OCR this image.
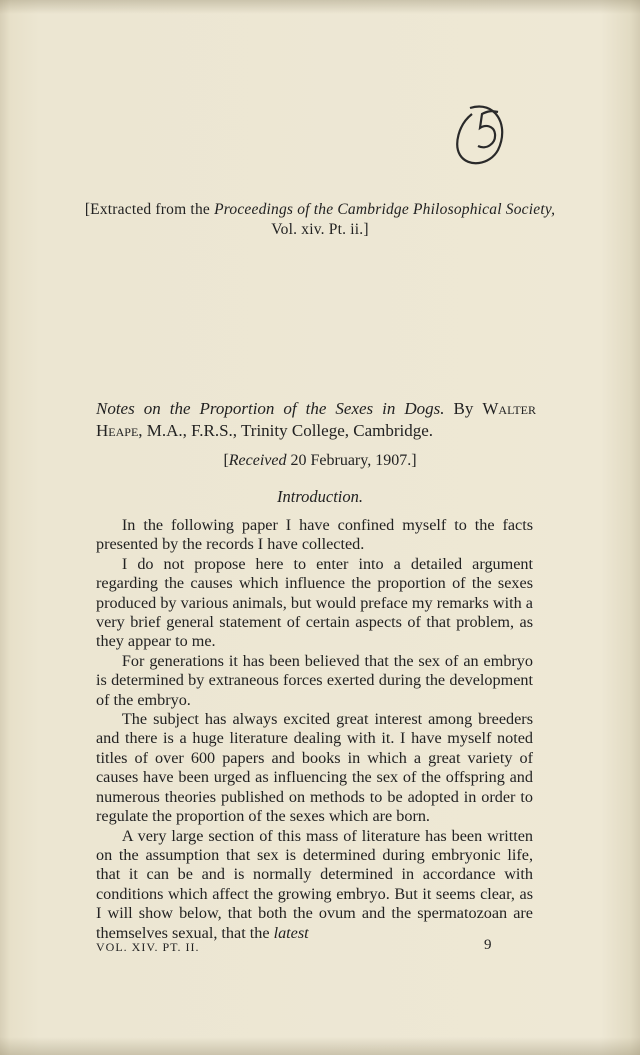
[Extracted from the Proceedings of the Cambridge Philosophical Society,
Vol. xiv. Pt. ii.]
Notes on the Proportion of the Sexes in Dogs. By Walter Heape, M.A., F.R.S., Trinity College, Cambridge.
[Received 20 February, 1907.]
Introduction.

In the following paper I have confined myself to the facts presented by the records I have collected.

I do not propose here to enter into a detailed argument regarding the causes which influence the proportion of the sexes produced by various animals, but would preface my remarks with a very brief general statement of certain aspects of that problem, as they appear to me.

For generations it has been believed that the sex of an embryo is determined by extraneous forces exerted during the development of the embryo.

The subject has always excited great interest among breeders and there is a huge literature dealing with it. I have myself noted titles of over 600 papers and books in which a great variety of causes have been urged as influencing the sex of the offspring and numerous theories published on methods to be adopted in order to regulate the proportion of the sexes which are born.

A very large section of this mass of literature has been written on the assumption that sex is determined during embryonic life, that it can be and is normally determined in accordance with conditions which affect the growing embryo. But it seems clear, as I will show below, that both the ovum and the spermatozoan are themselves sexual, that the latest

VOL. XIV. PT. II.	9
